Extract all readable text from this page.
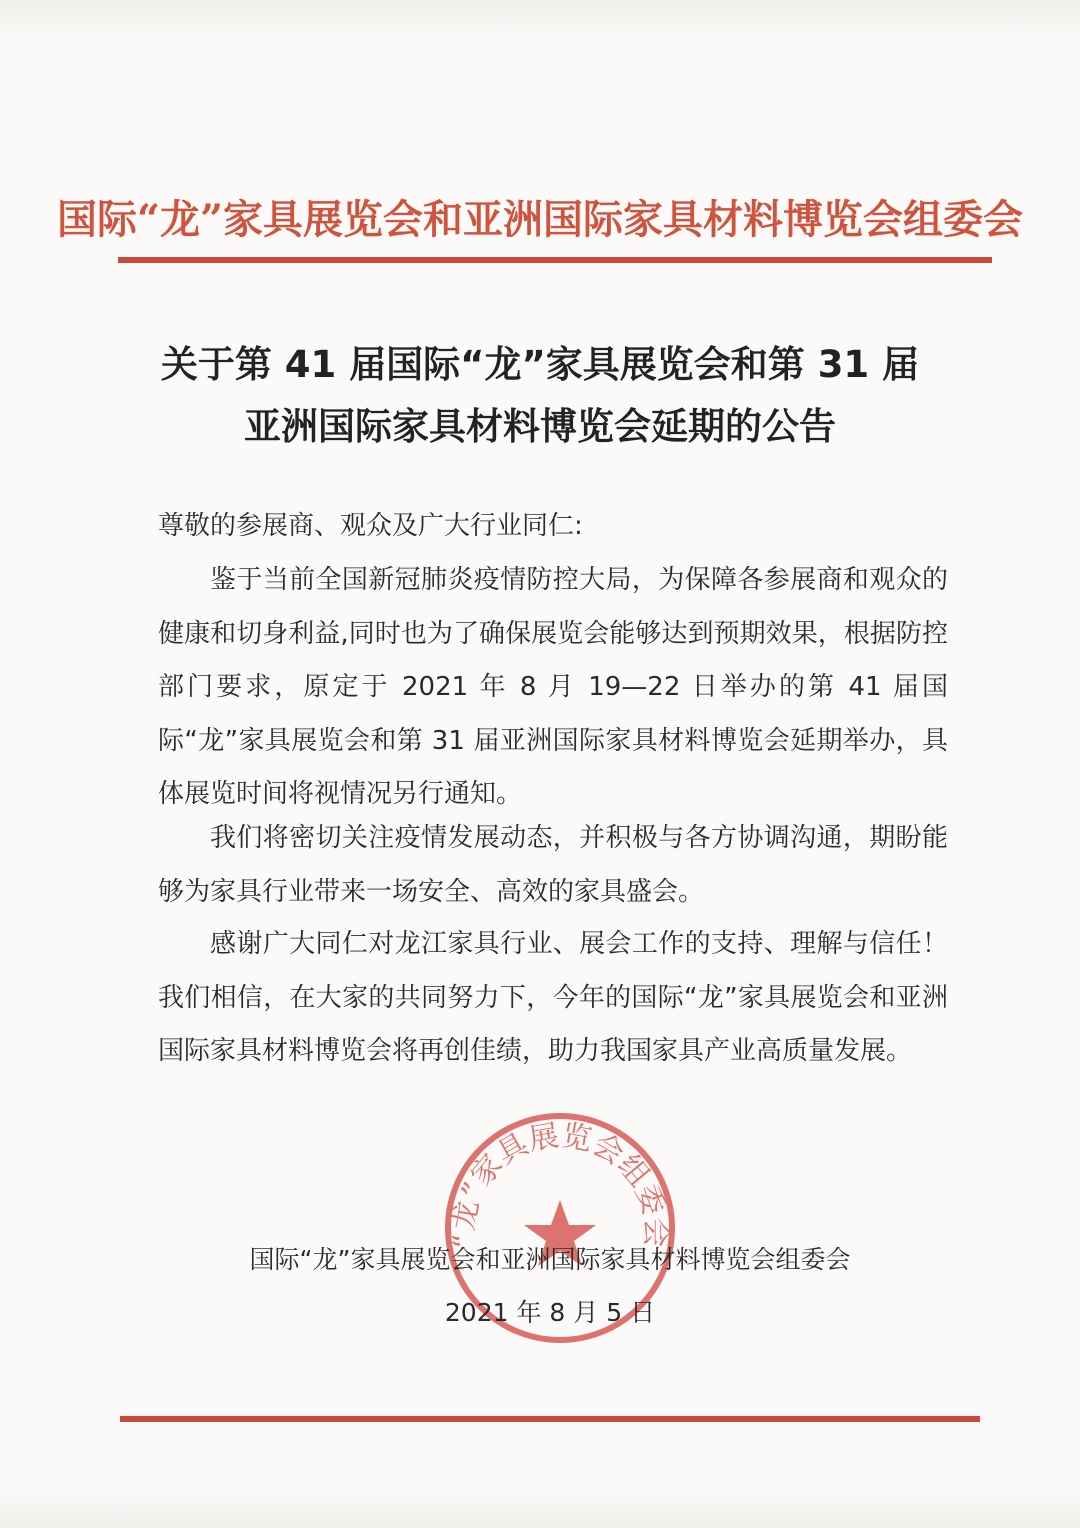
国际“龙”家具展览会和亚洲国际家具材料博览会组委会
关于第 41 届国际“龙”家具展览会和第 31 届
亚洲国际家具材料博览会延期的公告
尊敬的参展商、观众及广大行业同仁:
鉴于当前全国新冠肺炎疫情防控大局，为保障各参展商和观众的健康和切身利益,同时也为了确保展览会能够达到预期效果，根据防控部门要求，原定于 2021 年 8 月 19—22 日举办的第 41 届国际“龙”家具展览会和第 31 届亚洲国际家具材料博览会延期举办，具体展览时间将视情况另行通知。
我们将密切关注疫情发展动态，并积极与各方协调沟通，期盼能够为家具行业带来一场安全、高效的家具盛会。
感谢广大同仁对龙江家具行业、展会工作的支持、理解与信任！我们相信，在大家的共同努力下，今年的国际“龙”家具展览会和亚洲国际家具材料博览会将再创佳绩，助力我国家具产业高质量发展。
“龙”家具展览会组委会
国际“龙”家具展览会和亚洲国际家具材料博览会组委会
2021 年 8 月 5 日
